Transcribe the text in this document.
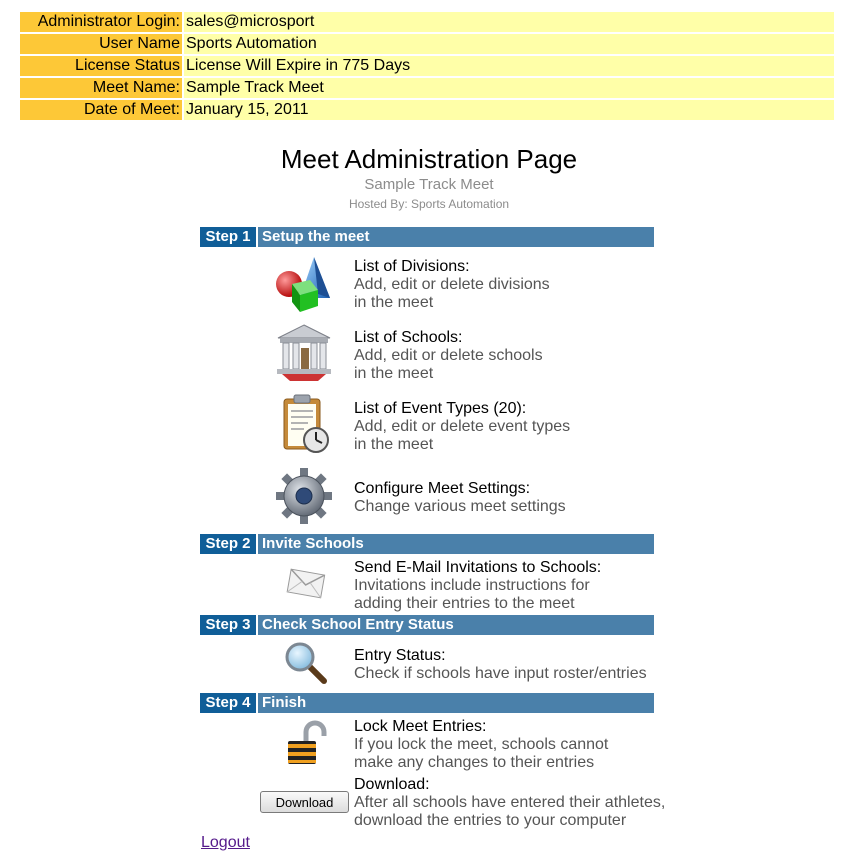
Administrator Login:	sales@microsport
User Name	Sports Automation
License Status	License Will Expire in 775 Days
Meet Name:	Sample Track Meet
Date of Meet:	January 15, 2011
Meet Administration Page
Sample Track Meet
Hosted By: Sports Automation
Step 1 Setup the meet
List of Divisions:
Add, edit or delete divisions
in the meet
List of Schools:
Add, edit or delete schools
in the meet
List of Event Types (20):
Add, edit or delete event types
in the meet
Configure Meet Settings:
Change various meet settings
Step 2 Invite Schools
Send E-Mail Invitations to Schools:
Invitations include instructions for
adding their entries to the meet
Step 3 Check School Entry Status
Entry Status:
Check if schools have input roster/entries
Step 4 Finish
Lock Meet Entries:
If you lock the meet, schools cannot
make any changes to their entries
Download
Download:
After all schools have entered their athletes,
download the entries to your computer
Logout
